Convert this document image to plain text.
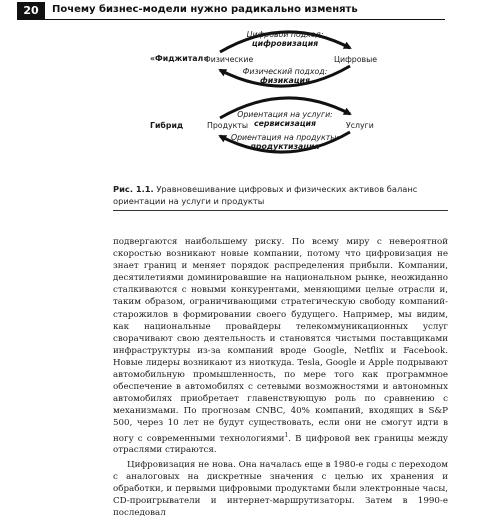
20	Почему бизнес-модели нужно радикально изменять
«Фиджитал»
Физические	Цифровые
Цифровой подход:
цифровизация
Физический подход:
физикация
Гибрид	Продукты	Услуги
Ориентация на услуги:
сервисизация
Ориентация на продукты:
продуктизация
Рис. 1.1. Уравновешивание цифровых и физических активов баланс ориентации на услуги и продукты

подвергаются наибольшему риску. По всему миру с невероятной скоростью возникают новые компании, потому что цифровизация не знает границ и меняет порядок распределения прибыли. Компании, десятилетиями доминировавшие на национальном рынке, неожиданно сталкиваются с новыми конкурентами, меняющими целые отрасли и, таким образом, ограничивающими стратегическую свободу компаний-старожилов в формировании своего будущего. Например, мы видим, как национальные провайдеры телекоммуникационных услуг сворачивают свою деятельность и становятся чистыми поставщиками инфраструктуры из-за компаний вроде Google, Netflix и Facebook. Новые лидеры возникают из ниоткуда. Tesla, Google и Apple подрывают автомобильную промышленность, по мере того как программное обеспечение в автомобилях с сетевыми возможностями и автономных автомобилях приобретает главенствующую роль по сравнению с механизмами. По прогнозам CNBC, 40% компаний, входящих в S&P 500, через 10 лет не будут существовать, если они не смогут идти в ногу с современными технологиями$^1$. В цифровой век границы между отраслями стираются.

Цифровизация не нова. Она началась еще в 1980-е годы с переходом с аналоговых на дискретные значения с целью их хранения и обработки, и первыми цифровыми продуктами были электронные часы, CD-проигрыватели и интернет-маршрутизаторы. Затем в 1990-е последовал
